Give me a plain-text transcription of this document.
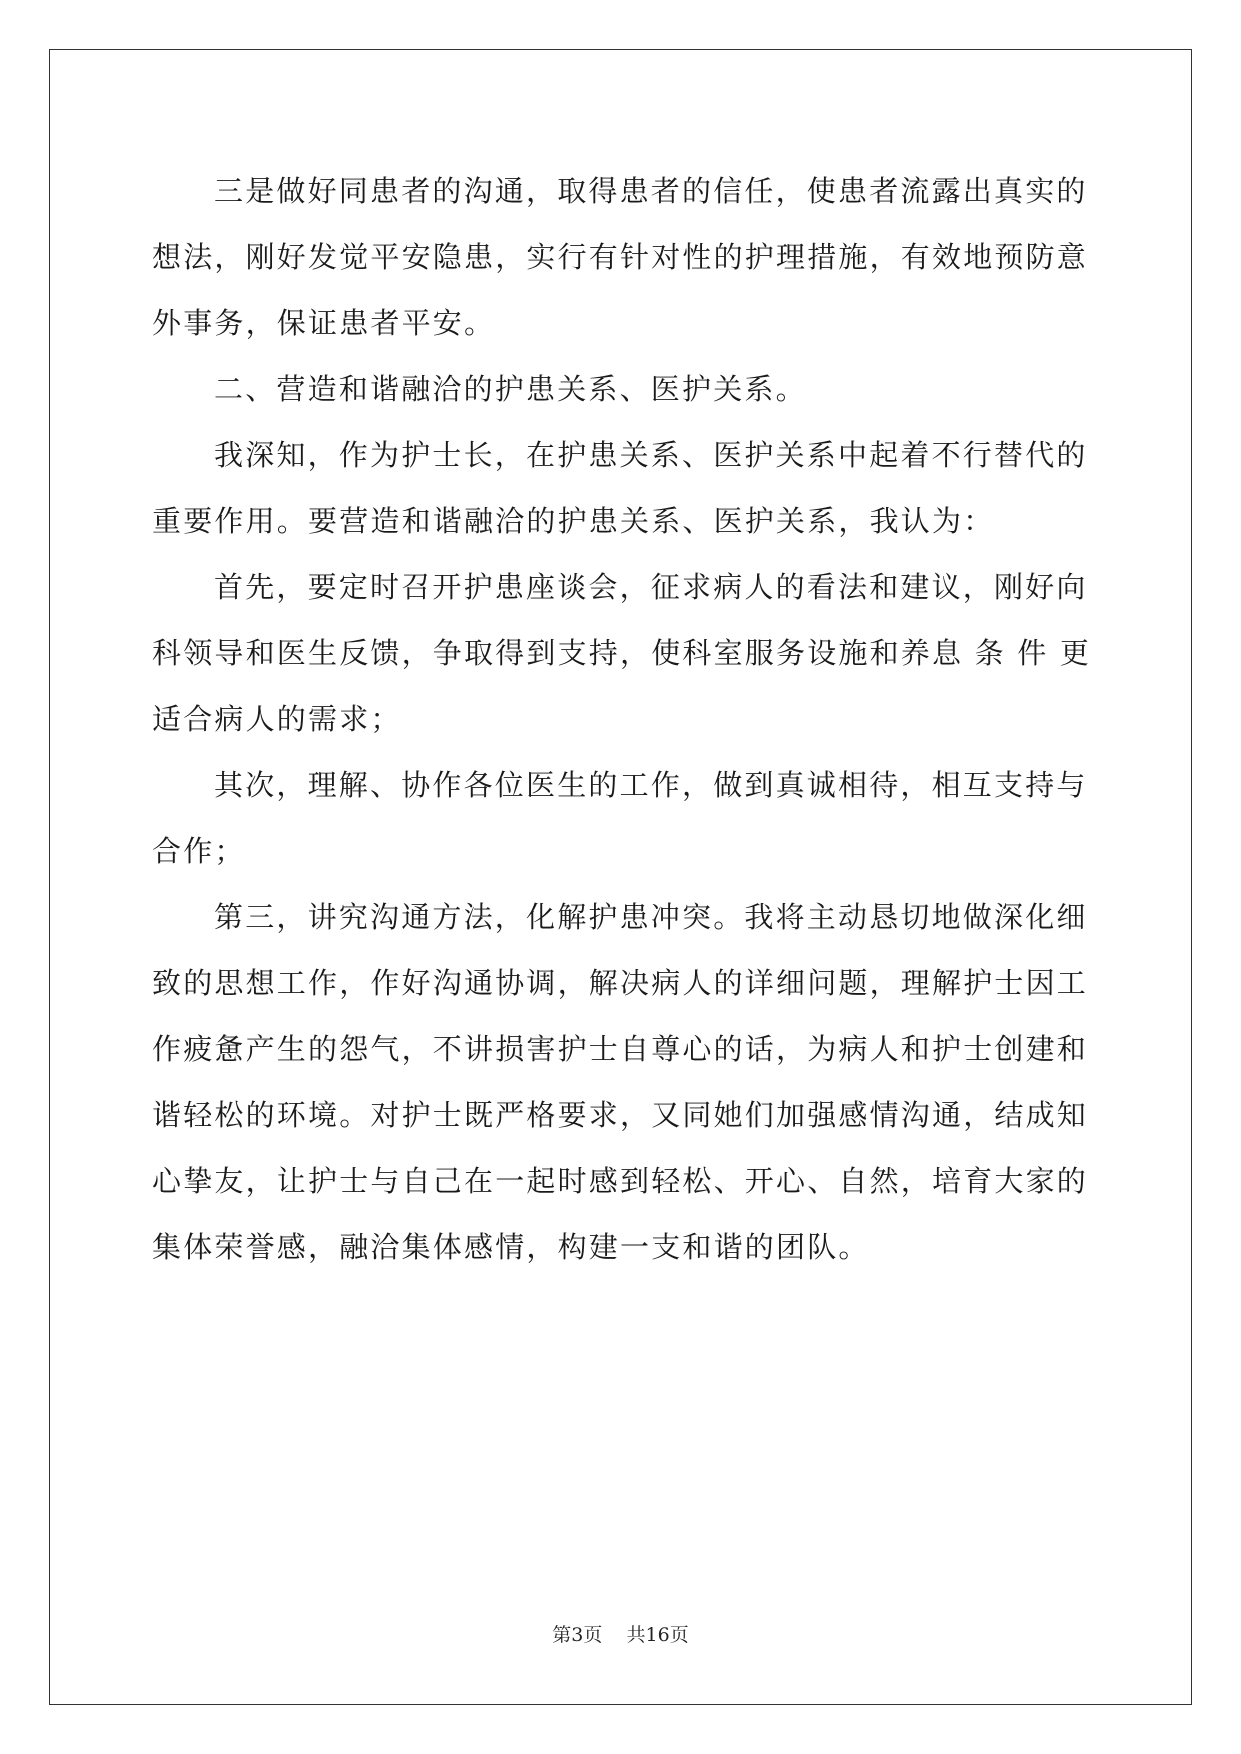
三是做好同患者的沟通，取得患者的信任，使患者流露出真实的
想法，刚好发觉平安隐患，实行有针对性的护理措施，有效地预防意
外事务，保证患者平安。
二、营造和谐融洽的护患关系、医护关系。
我深知，作为护士长，在护患关系、医护关系中起着不行替代的
重要作用。要营造和谐融洽的护患关系、医护关系，我认为：
首先，要定时召开护患座谈会，征求病人的看法和建议，刚好向
科领导和医生反馈，争取得到支持，使科室服务设施和养息 条 件 更
适合病人的需求；
其次，理解、协作各位医生的工作，做到真诚相待，相互支持与
合作；
第三，讲究沟通方法，化解护患冲突。我将主动恳切地做深化细
致的思想工作，作好沟通协调，解决病人的详细问题，理解护士因工
作疲惫产生的怨气，不讲损害护士自尊心的话，为病人和护士创建和
谐轻松的环境。对护士既严格要求，又同她们加强感情沟通，结成知
心挚友，让护士与自己在一起时感到轻松、开心、自然，培育大家的
集体荣誉感，融洽集体感情，构建一支和谐的团队。
第3页 共16页
